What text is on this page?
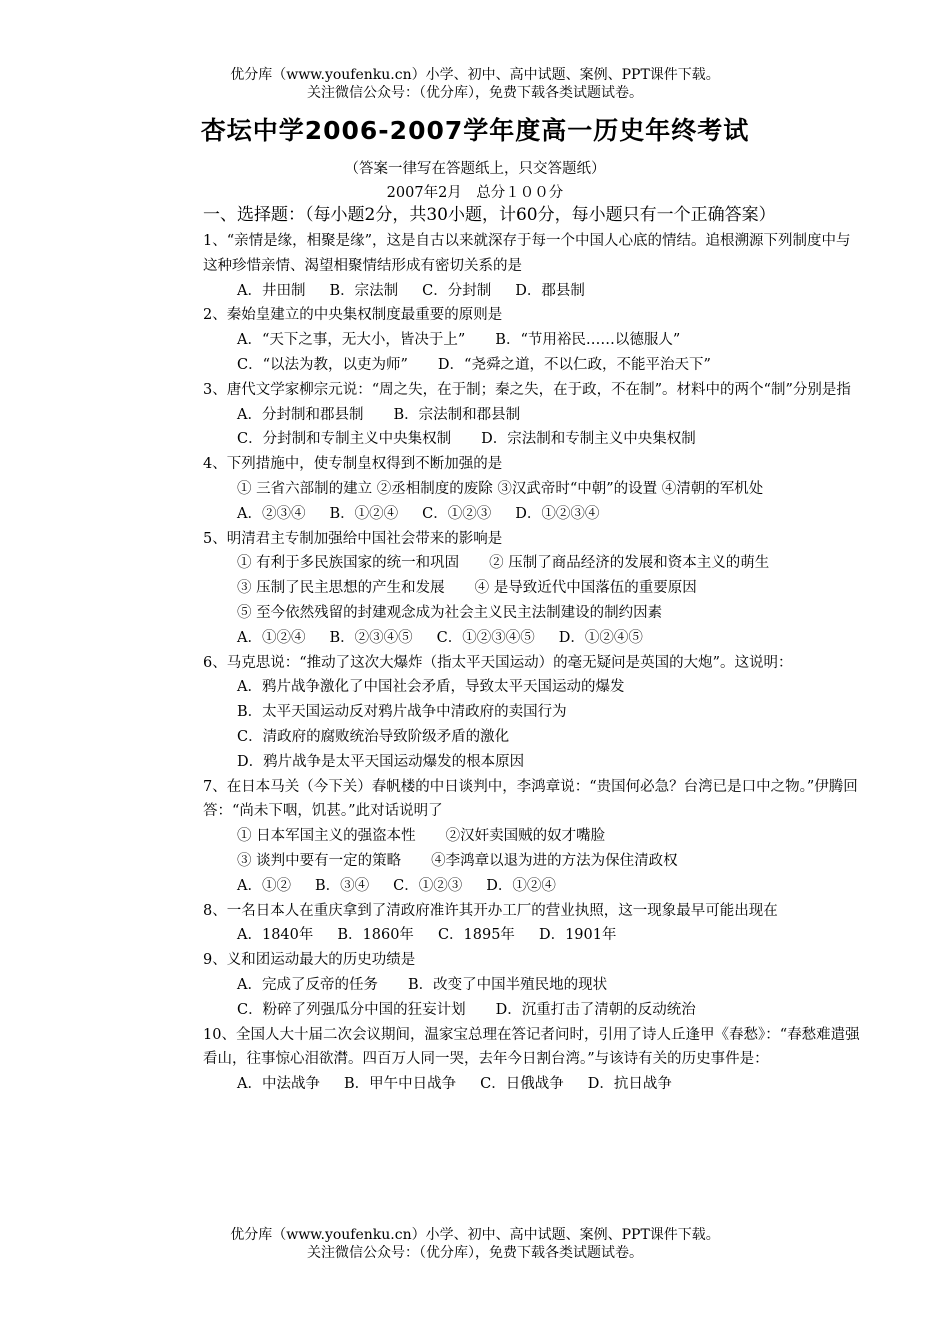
优分库（www.youfenku.cn）小学、初中、高中试题、案例、PPT课件下载。
关注微信公众号：（优分库），免费下载各类试题试卷。
杏坛中学2006-2007学年度高一历史年终考试
（答案一律写在答题纸上，只交答题纸）
2007年2月　总分１００分
一、选择题：（每小题2分，共30小题，计60分，每小题只有一个正确答案）
1、“亲情是缘，相聚是缘”，这是自古以来就深存于每一个中国人心底的情结。追根溯源下列制度中与这种珍惜亲情、渴望相聚情结形成有密切关系的是
A．井田制 B．宗法制 C．分封制 D．郡县制
2、秦始皇建立的中央集权制度最重要的原则是
A．“天下之事，无大小，皆决于上” B．“节用裕民……以德服人”
C．“以法为教，以吏为师” D．“尧舜之道，不以仁政，不能平治天下”
3、唐代文学家柳宗元说：“周之失，在于制；秦之失，在于政，不在制”。材料中的两个“制”分别是指
A．分封制和郡县制 B．宗法制和郡县制
C．分封制和专制主义中央集权制 D．宗法制和专制主义中央集权制
4、下列措施中，使专制皇权得到不断加强的是
① 三省六部制的建立 ②丞相制度的废除 ③汉武帝时“中朝”的设置 ④清朝的军机处
A．②③④ B．①②④ C．①②③ D．①②③④
5、明清君主专制加强给中国社会带来的影响是
① 有利于多民族国家的统一和巩固 ② 压制了商品经济的发展和资本主义的萌生
③ 压制了民主思想的产生和发展 ④ 是导致近代中国落伍的重要原因
⑤ 至今依然残留的封建观念成为社会主义民主法制建设的制约因素
A．①②④ B．②③④⑤ C．①②③④⑤ D．①②④⑤
6、马克思说：“推动了这次大爆炸（指太平天国运动）的毫无疑问是英国的大炮”。这说明：
A．鸦片战争激化了中国社会矛盾，导致太平天国运动的爆发
B．太平天国运动反对鸦片战争中清政府的卖国行为
C．清政府的腐败统治导致阶级矛盾的激化
D．鸦片战争是太平天国运动爆发的根本原因
7、在日本马关（今下关）春帆楼的中日谈判中，李鸿章说：“贵国何必急？台湾已是口中之物。”伊腾回答：“尚未下咽，饥甚。”此对话说明了
① 日本军国主义的强盗本性 ②汉奸卖国贼的奴才嘴脸
③ 谈判中要有一定的策略 ④李鸿章以退为进的方法为保住清政权
A．①② B．③④ C．①②③ D．①②④
8、一名日本人在重庆拿到了清政府准许其开办工厂的营业执照，这一现象最早可能出现在
A．1840年 B．1860年 C．1895年 D．1901年
9、义和团运动最大的历史功绩是
A．完成了反帝的任务 B．改变了中国半殖民地的现状
C．粉碎了列强瓜分中国的狂妄计划 D．沉重打击了清朝的反动统治
10、全国人大十届二次会议期间，温家宝总理在答记者问时，引用了诗人丘逢甲《春愁》：“春愁难遣强看山，往事惊心泪欲潸。四百万人同一哭，去年今日割台湾。”与该诗有关的历史事件是：
A．中法战争 B．甲午中日战争 C．日俄战争 D．抗日战争
优分库（www.youfenku.cn）小学、初中、高中试题、案例、PPT课件下载。
关注微信公众号：（优分库），免费下载各类试题试卷。
